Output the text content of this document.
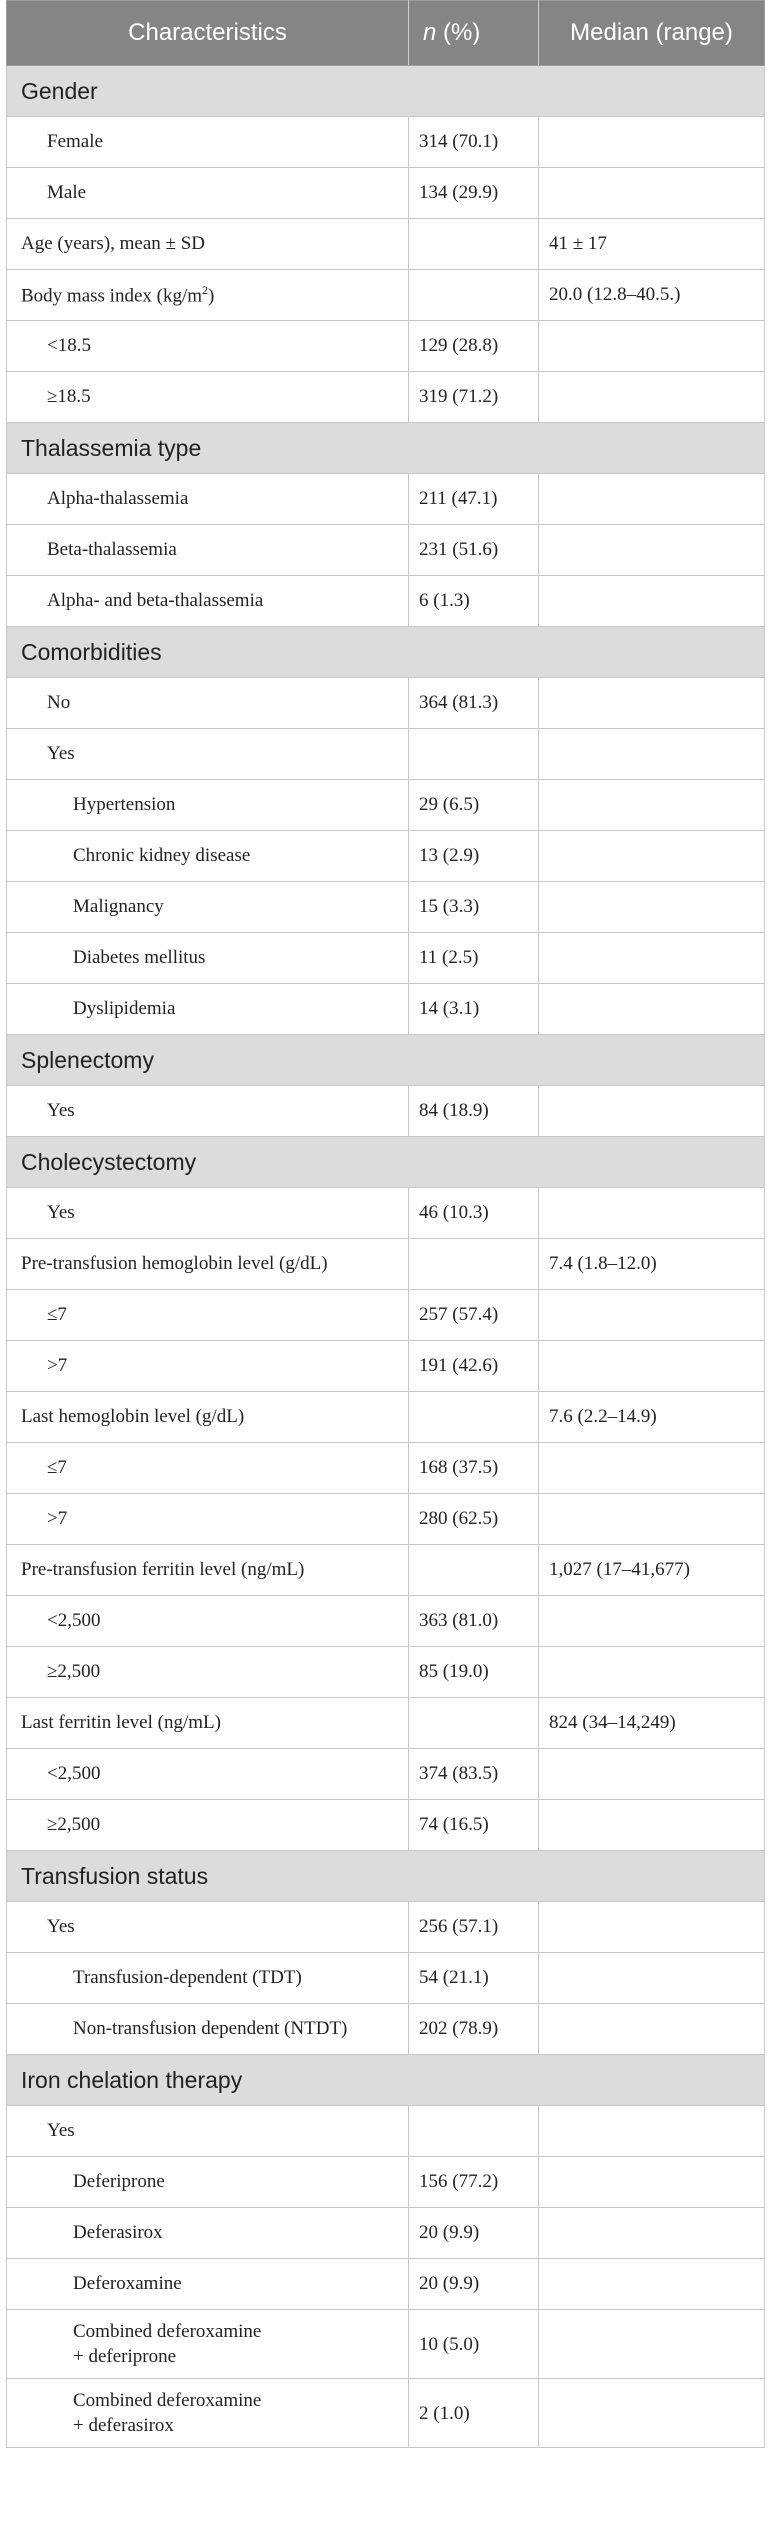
Characteristics	n (%)	Median (range)
Gender		
Female	314 (70.1)	
Male	134 (29.9)	
Age (years), mean ± SD		41 ± 17
Body mass index $(kg/m^2)$		20.0 (12.8–40.5.)
<18.5	129 (28.8)	
≥18.5	319 (71.2)	
Thalassemia type		
Alpha-thalassemia	211 (47.1)	
Beta-thalassemia	231 (51.6)	
Alpha- and beta-thalassemia	6 (1.3)	
Comorbidities		
No	364 (81.3)	
Yes		
Hypertension	29 (6.5)	
Chronic kidney disease	13 (2.9)	
Malignancy	15 (3.3)	
Diabetes mellitus	11 (2.5)	
Dyslipidemia	14 (3.1)	
Splenectomy		
Yes	84 (18.9)	
Cholecystectomy		
Yes	46 (10.3)	
Pre-transfusion hemoglobin level (g/dL)		7.4 (1.8–12.0)
≤7	257 (57.4)	
>7	191 (42.6)	
Last hemoglobin level (g/dL)		7.6 (2.2–14.9)
≤7	168 (37.5)	
>7	280 (62.5)	
Pre-transfusion ferritin level (ng/mL)		1,027 (17–41,677)
<2,500	363 (81.0)	
≥2,500	85 (19.0)	
Last ferritin level (ng/mL)		824 (34–14,249)
<2,500	374 (83.5)	
≥2,500	74 (16.5)	
Transfusion status		
Yes	256 (57.1)	
Transfusion-dependent (TDT)	54 (21.1)	
Non-transfusion dependent (NTDT)	202 (78.9)	
Iron chelation therapy		
Yes		
Deferiprone	156 (77.2)	
Deferasirox	20 (9.9)	
Deferoxamine	20 (9.9)	
Combined deferoxamine
+ deferiprone	10 (5.0)	
Combined deferoxamine
+ deferasirox	2 (1.0)	
